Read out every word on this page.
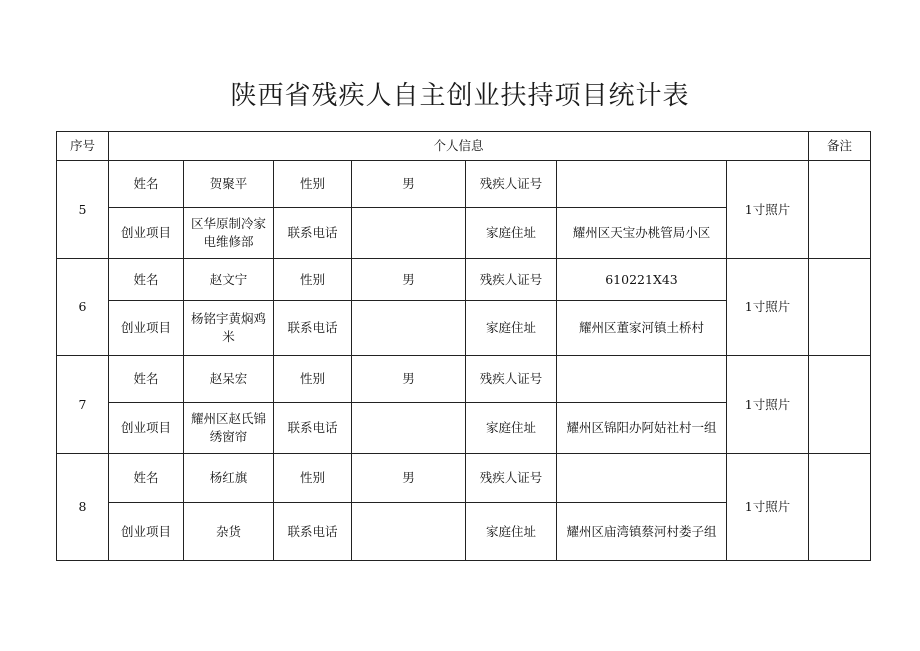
陕西省残疾人自主创业扶持项目统计表
序号	个人信息							备注
5	姓名	贺聚平	性别	男	残疾人证号		1寸照片	
	创业项目	区华原制冷家电维修部	联系电话		家庭住址	耀州区天宝办桃管局小区		
6	姓名	赵文宁	性别	男	残疾人证号	610221X43	1寸照片	
	创业项目	杨铭宇黄焖鸡米	联系电话		家庭住址	耀州区董家河镇土桥村		
7	姓名	赵呆宏	性别	男	残疾人证号		1寸照片	
	创业项目	耀州区赵氏锦绣窗帘	联系电话		家庭住址	耀州区锦阳办阿姑社村一组		
8	姓名	杨红旗	性别	男	残疾人证号		1寸照片	
	创业项目	杂货	联系电话		家庭住址	耀州区庙湾镇蔡河村娄子组		
